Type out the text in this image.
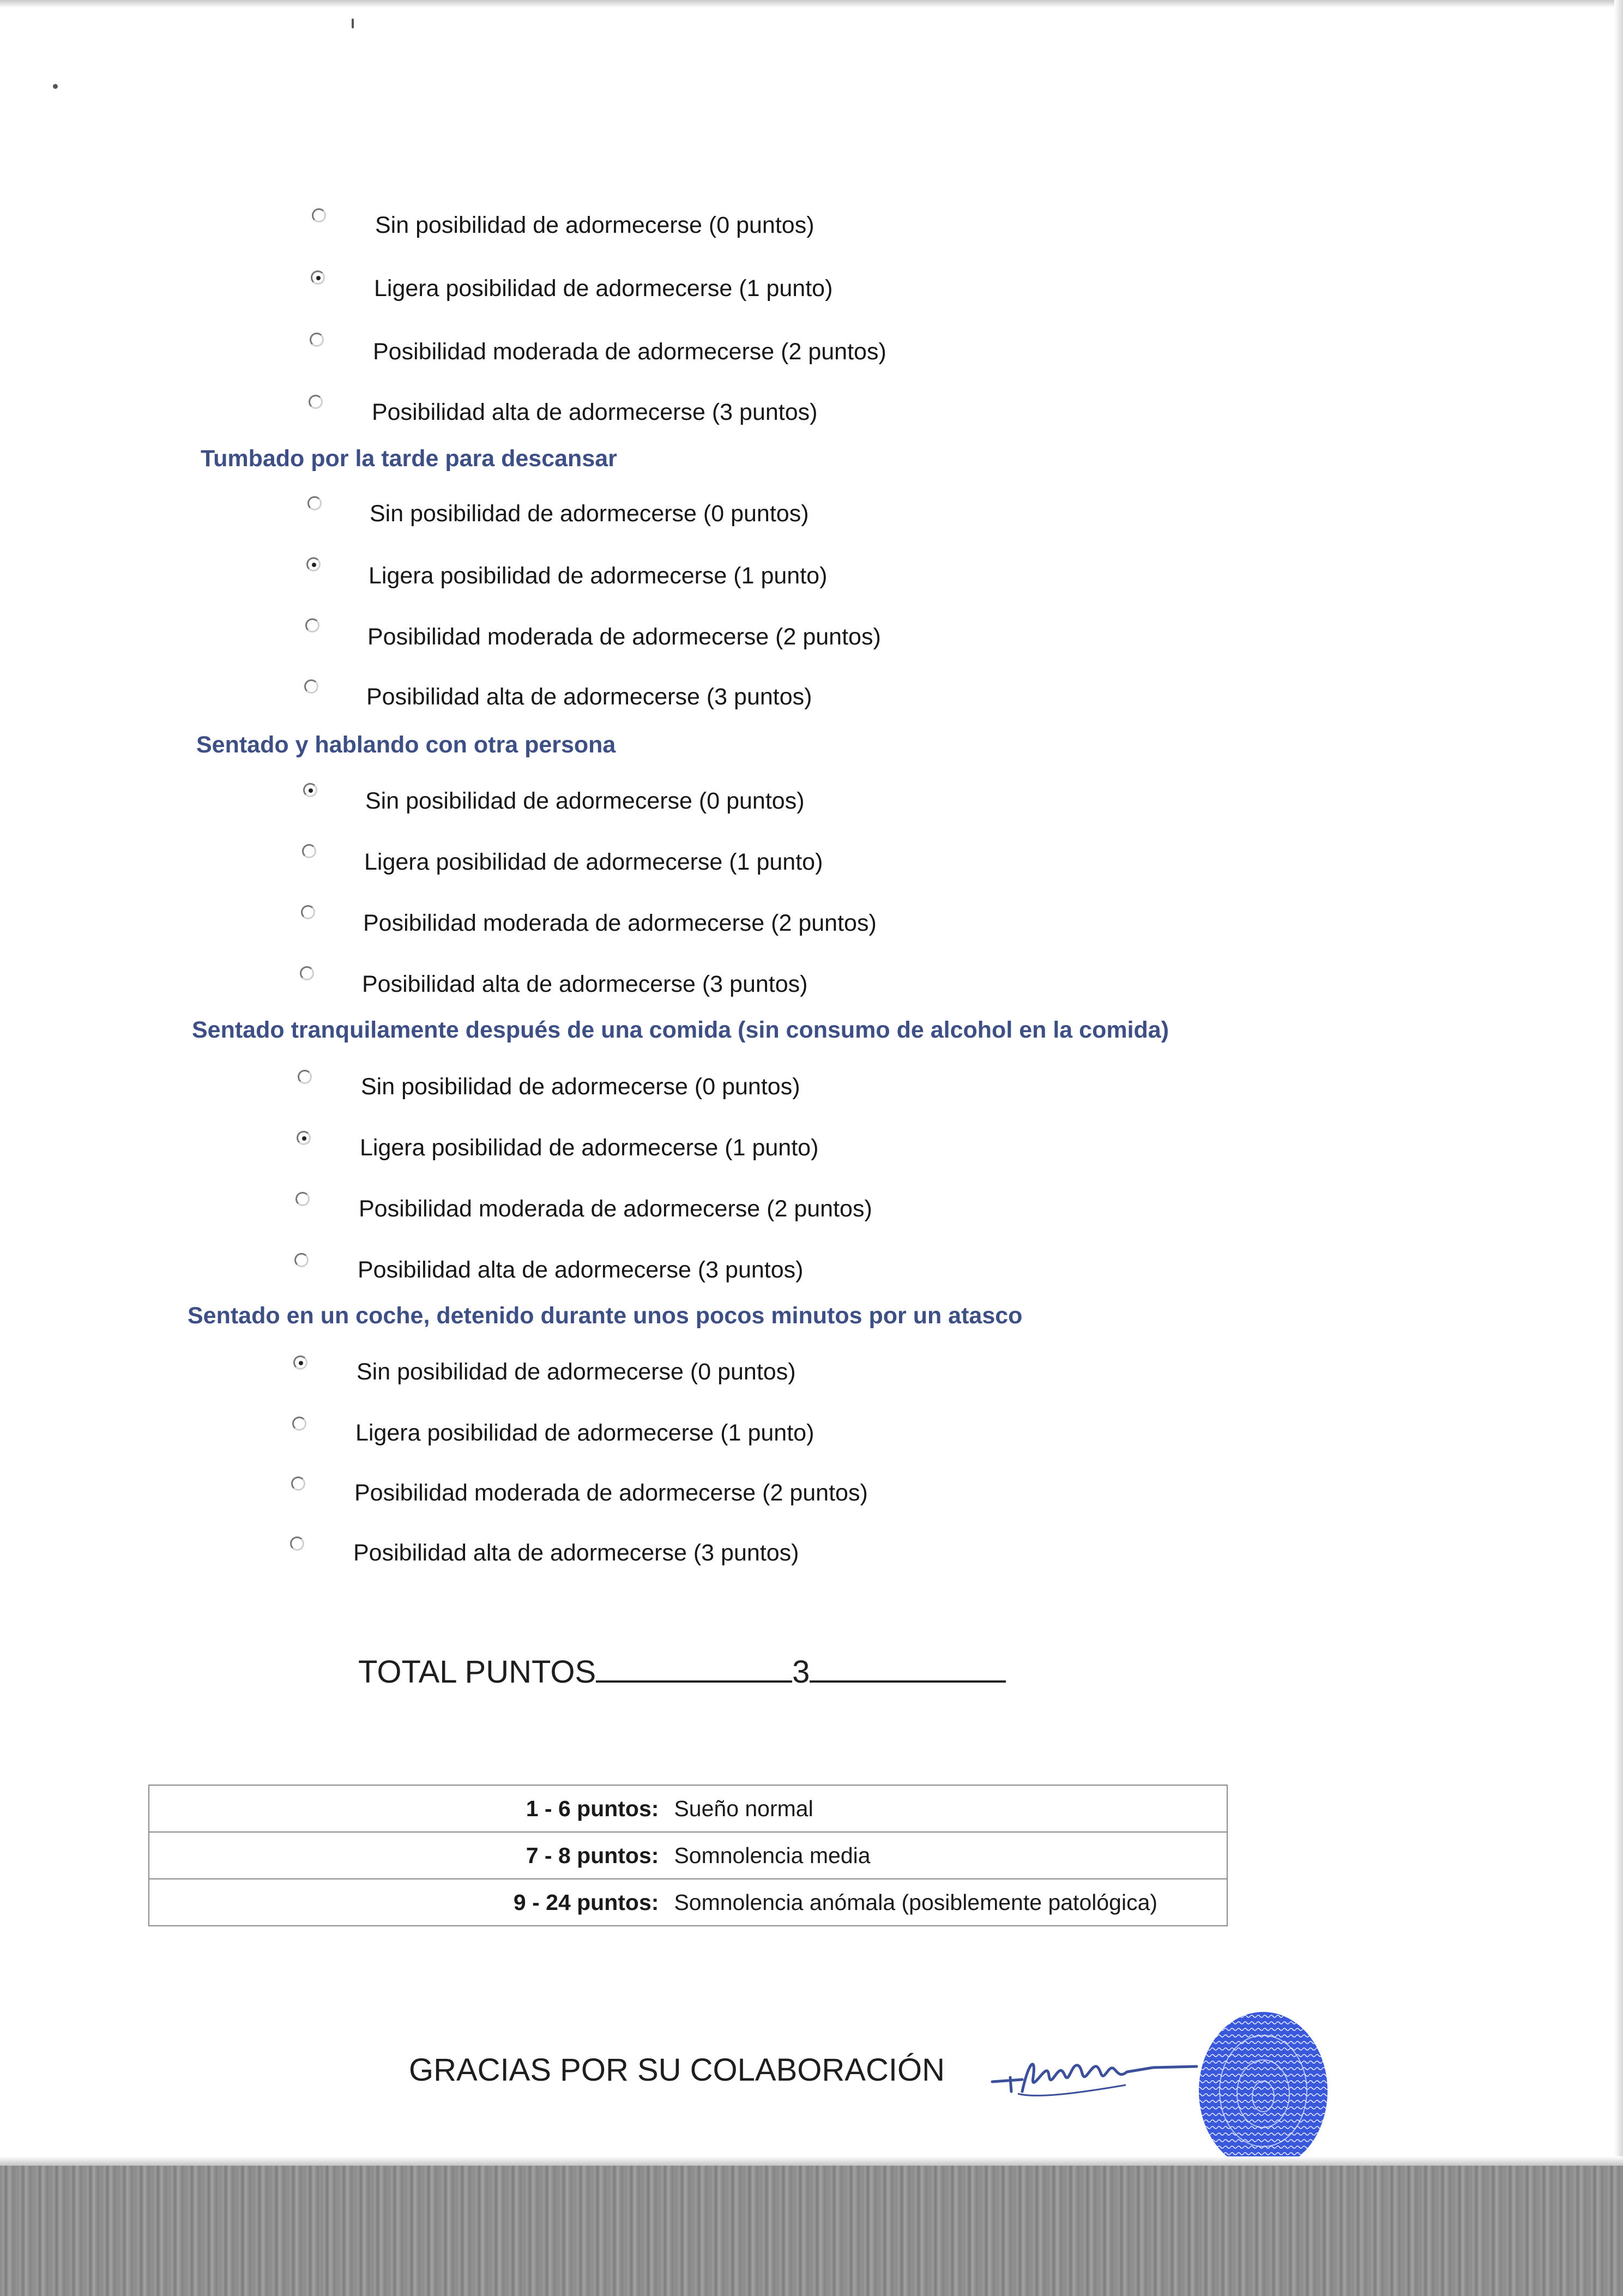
Sin posibilidad de adormecerse (0 puntos)
Ligera posibilidad de adormecerse (1 punto)
Posibilidad moderada de adormecerse (2 puntos)
Posibilidad alta de adormecerse (3 puntos)
Tumbado por la tarde para descansar
Sin posibilidad de adormecerse (0 puntos)
Ligera posibilidad de adormecerse (1 punto)
Posibilidad moderada de adormecerse (2 puntos)
Posibilidad alta de adormecerse (3 puntos)
Sentado y hablando con otra persona
Sin posibilidad de adormecerse (0 puntos)
Ligera posibilidad de adormecerse (1 punto)
Posibilidad moderada de adormecerse (2 puntos)
Posibilidad alta de adormecerse (3 puntos)
Sentado tranquilamente después de una comida (sin consumo de alcohol en la comida)
Sin posibilidad de adormecerse (0 puntos)
Ligera posibilidad de adormecerse (1 punto)
Posibilidad moderada de adormecerse (2 puntos)
Posibilidad alta de adormecerse (3 puntos)
Sentado en un coche, detenido durante unos pocos minutos por un atasco
Sin posibilidad de adormecerse (0 puntos)
Ligera posibilidad de adormecerse (1 punto)
Posibilidad moderada de adormecerse (2 puntos)
Posibilidad alta de adormecerse (3 puntos)
TOTAL PUNTOS	3
1 - 6 puntos:	Sueño normal
7 - 8 puntos:	Somnolencia media
9 - 24 puntos:	Somnolencia anómala (posiblemente patológica)
GRACIAS POR SU COLABORACIÓN
